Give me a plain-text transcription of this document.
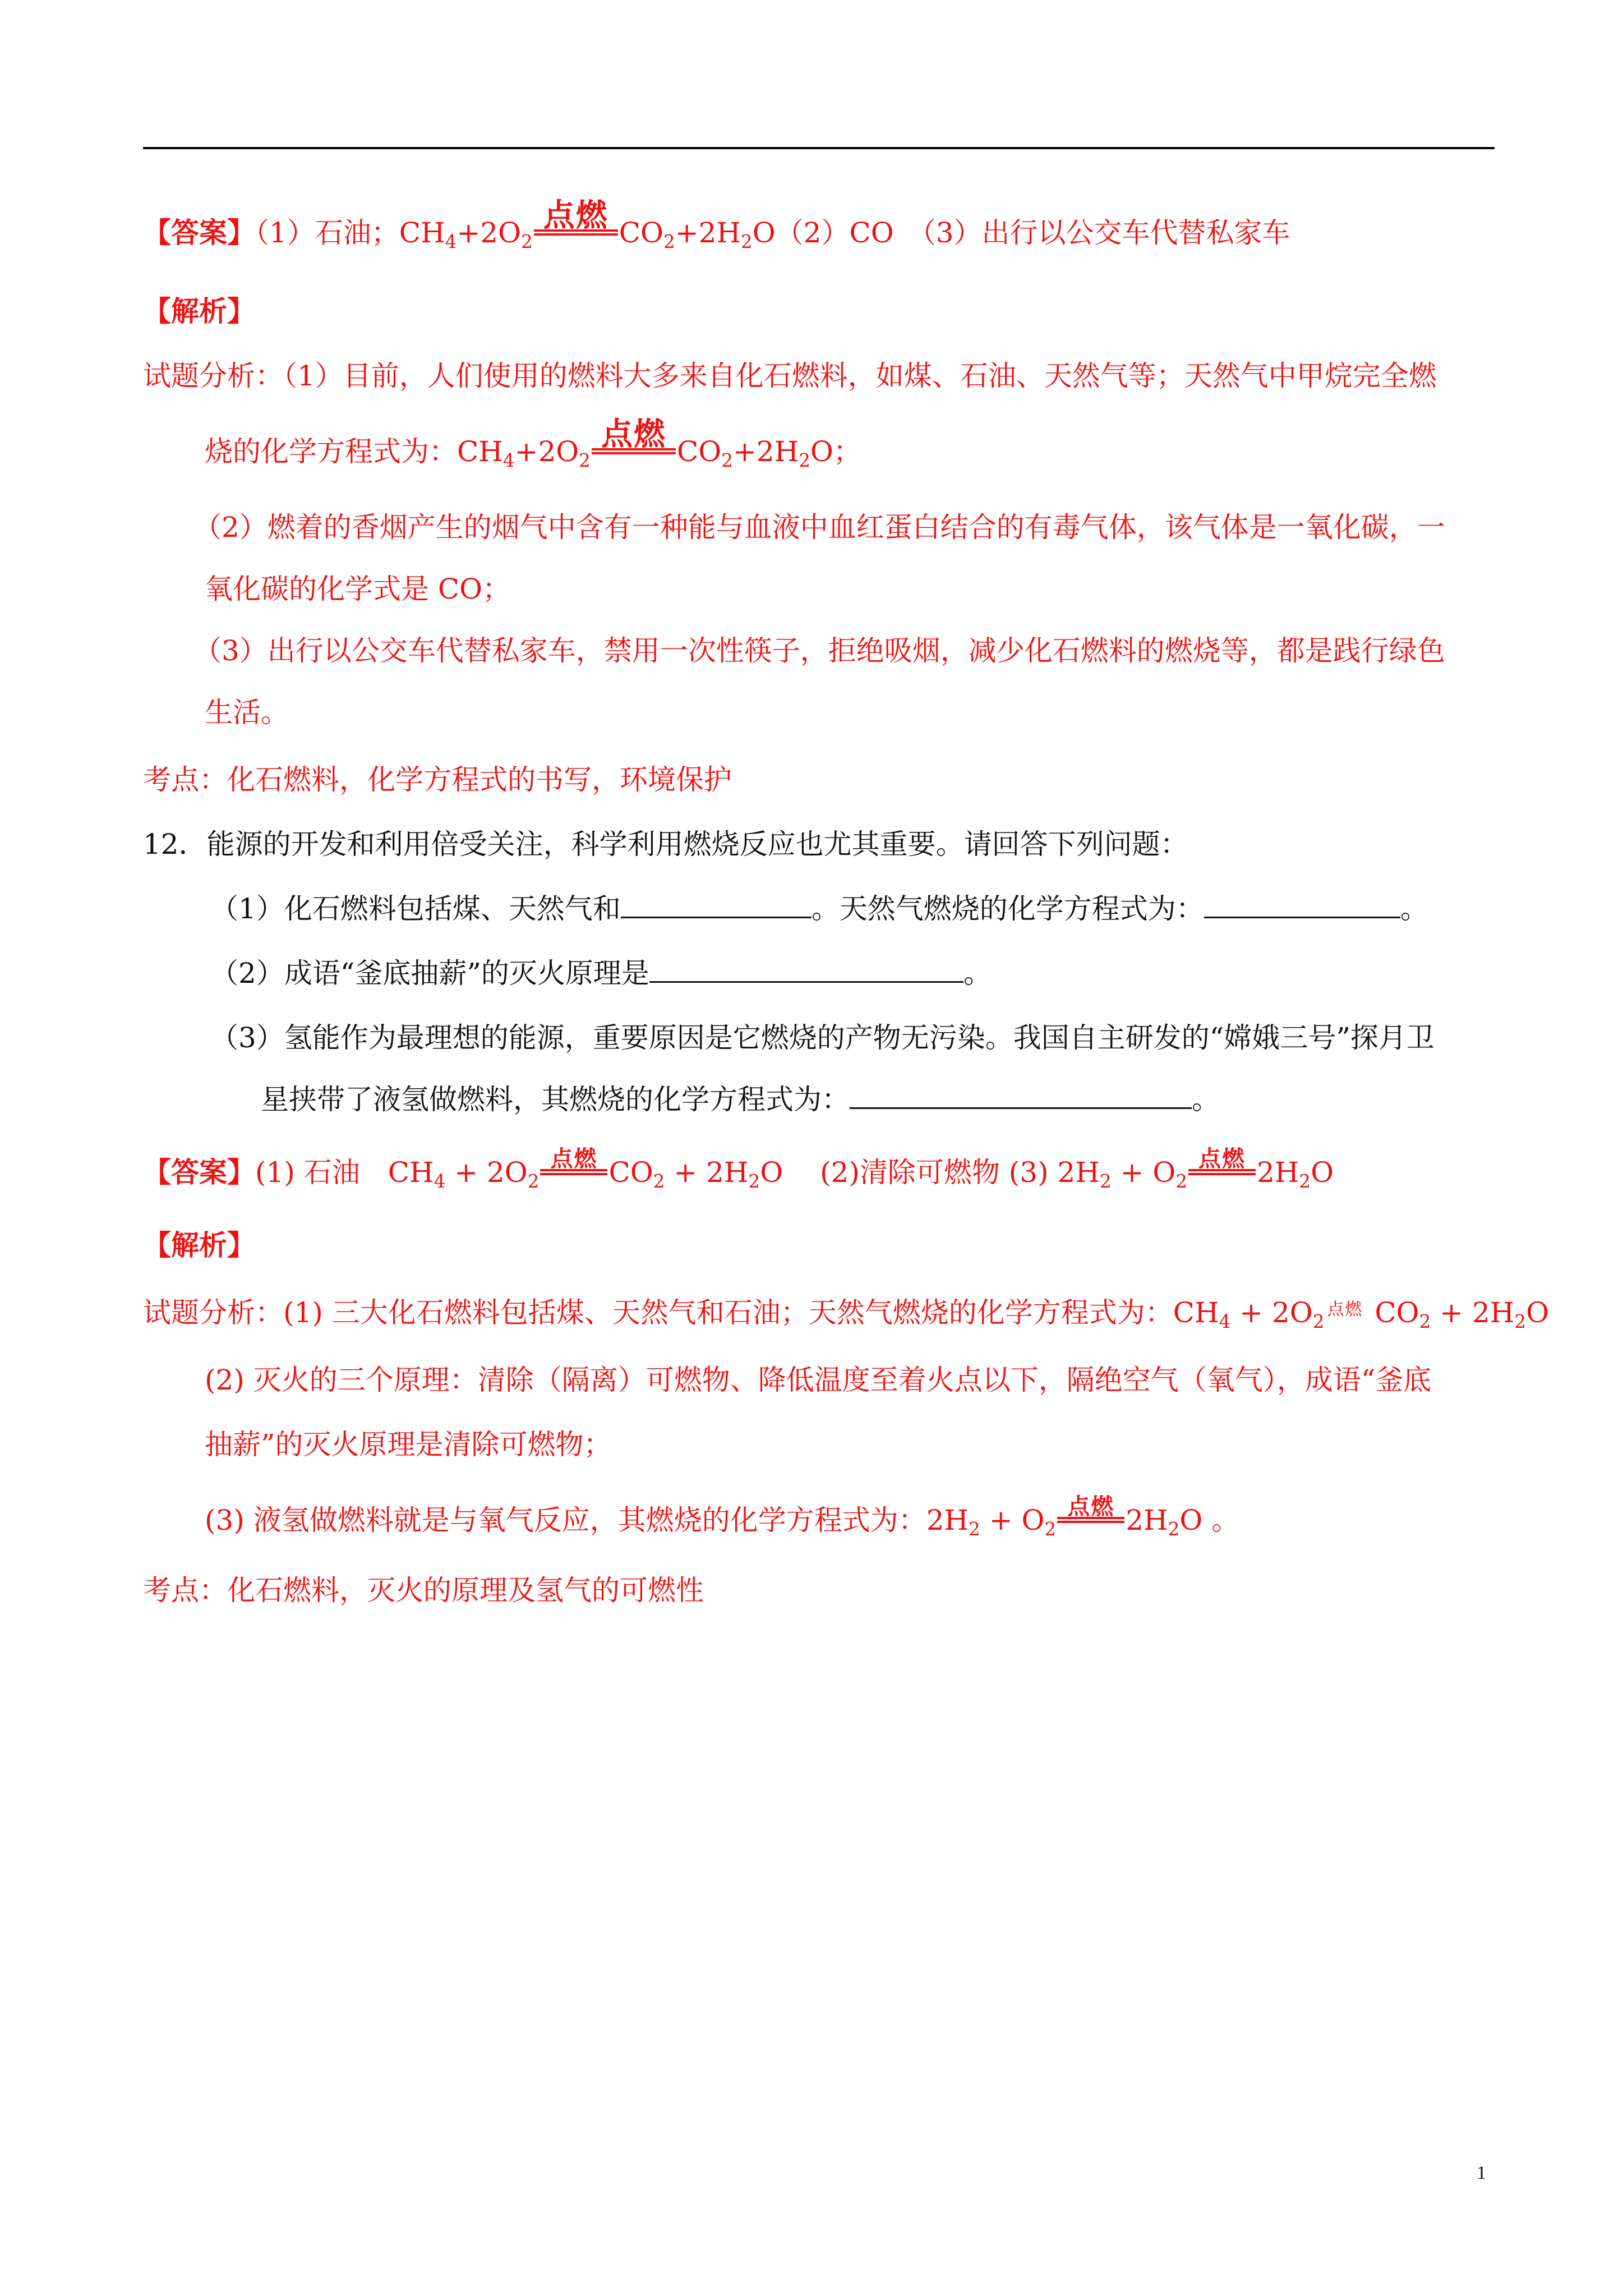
【答案】（1）石油；$CH_4+2O_2$
点燃 $CO_2+2H_2O(2)CO$　（3）出行以公交车代替私家车
【解析】
试题分析：（1）目前，人们使用的燃料大多来自化石燃料，如煤、石油、天然气等；天然气中甲烷完全燃
烧的化学方程式为：$CH_4+2O_2$
点燃 $CO_2+2H_2O$；
（2）燃着的香烟产生的烟气中含有一种能与血液中血红蛋白结合的有毒气体，该气体是一氧化碳，一
氧化碳的化学式是 CO；
（3）出行以公交车代替私家车，禁用一次性筷子，拒绝吸烟，减少化石燃料的燃烧等，都是践行绿色
生活。
考点：化石燃料，化学方程式的书写，环境保护
12．能源的开发和利用倍受关注，科学利用燃烧反应也尤其重要。请回答下列问题：
（1）化石燃料包括煤、天然气和	。天然气燃烧的化学方程式为：	。
（2）成语“釜底抽薪”的灭火原理是	。
（3）氢能作为最理想的能源，重要原因是它燃烧的产物无污染。我国自主研发的“嫦娥三号”探月卫
星挟带了液氢做燃料，其燃烧的化学方程式为：	。
【答案】(1) 石油　$CH_4 + 2O_2$
点燃 $CO_2 + 2H_2O$　 (2)清除可燃物 (3) $2H_2 + O_2$
点燃 $2H_2O$
【解析】
试题分析：(1) 三大化石燃料包括煤、天然气和石油；天然气燃烧的化学方程式为：$CH_4 + 2O_2$
点燃 $CO_2 + 2H_2O$
(2) 灭火的三个原理：清除（隔离）可燃物、降低温度至着火点以下，隔绝空气（氧气），成语“釜底
抽薪”的灭火原理是清除可燃物；
(3) 液氢做燃料就是与氧气反应，其燃烧的化学方程式为：$2H_2 + O_2$
点燃 $2H_2O$ 。
考点：化石燃料，灭火的原理及氢气的可燃性
1
